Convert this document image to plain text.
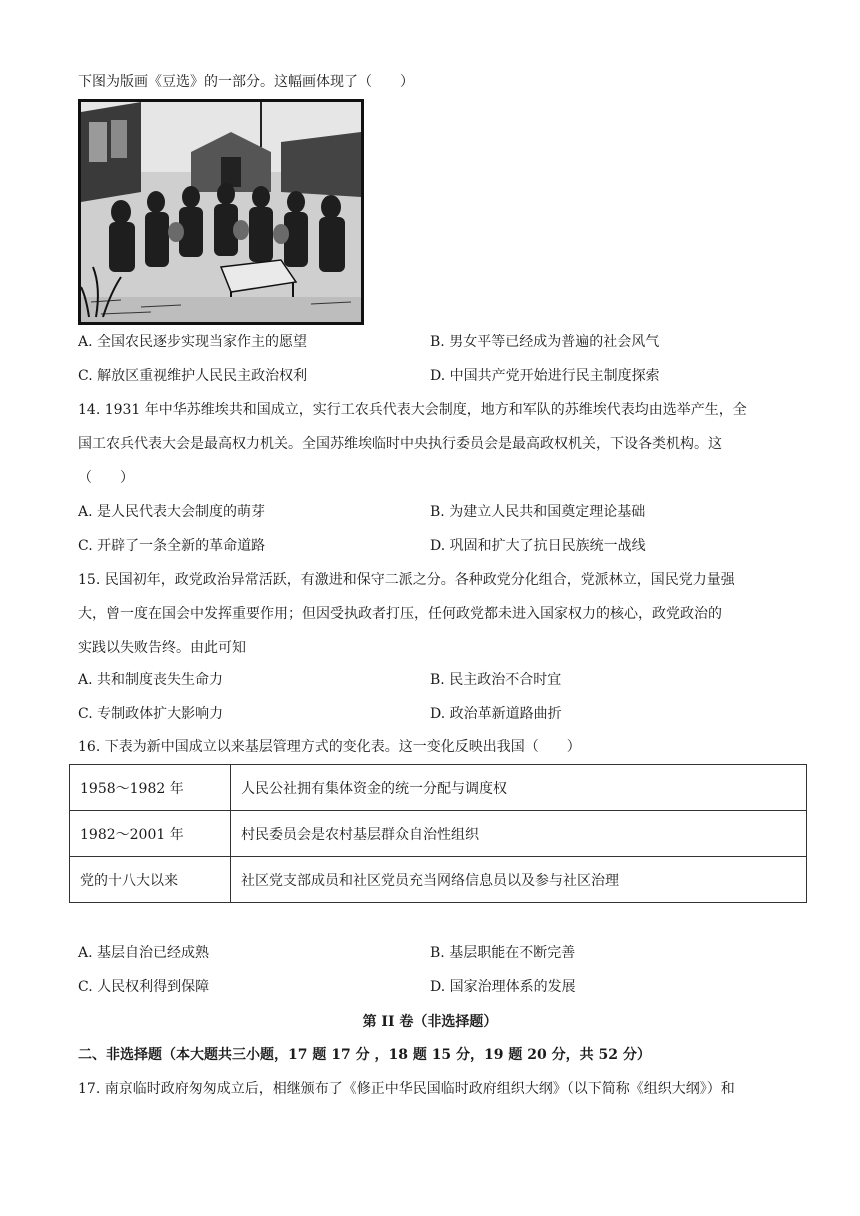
下图为版画《豆选》的一部分。这幅画体现了（　　）
A. 全国农民逐步实现当家作主的愿望	B. 男女平等已经成为普遍的社会风气
C. 解放区重视维护人民民主政治权利	D. 中国共产党开始进行民主制度探索
14. 1931 年中华苏维埃共和国成立，实行工农兵代表大会制度，地方和军队的苏维埃代表均由选举产生，全
国工农兵代表大会是最高权力机关。全国苏维埃临时中央执行委员会是最高政权机关，下设各类机构。这
（　　）
A. 是人民代表大会制度的萌芽	B. 为建立人民共和国奠定理论基础
C. 开辟了一条全新的革命道路	D. 巩固和扩大了抗日民族统一战线
15. 民国初年，政党政治异常活跃，有激进和保守二派之分。各种政党分化组合，党派林立，国民党力量强
大，曾一度在国会中发挥重要作用；但因受执政者打压，任何政党都未进入国家权力的核心，政党政治的
实践以失败告终。由此可知
A. 共和制度丧失生命力	B. 民主政治不合时宜
C. 专制政体扩大影响力	D. 政治革新道路曲折
16. 下表为新中国成立以来基层管理方式的变化表。这一变化反映出我国（　　）
1958～1982 年	人民公社拥有集体资金的统一分配与调度权
1982～2001 年	村民委员会是农村基层群众自治性组织
党的十八大以来	社区党支部成员和社区党员充当网络信息员以及参与社区治理
A. 基层自治已经成熟	B. 基层职能在不断完善
C. 人民权利得到保障	D. 国家治理体系的发展
第 II 卷（非选择题）
二、非选择题（本大题共三小题，17 题 17 分 ，18 题 15 分，19 题 20 分，共 52 分）
17. 南京临时政府匆匆成立后，相继颁布了《修正中华民国临时政府组织大纲》（以下简称《组织大纲》）和
